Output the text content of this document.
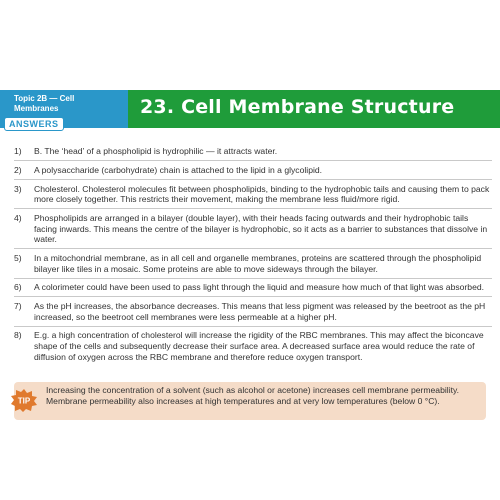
Topic 2B — Cell Membranes
ANSWERS
23. Cell Membrane Structure
1) B. The ‘head’ of a phospholipid is hydrophilic — it attracts water.
2) A polysaccharide (carbohydrate) chain is attached to the lipid in a glycolipid.
3) Cholesterol. Cholesterol molecules fit between phospholipids, binding to the hydrophobic tails and causing them to pack more closely together. This restricts their movement, making the membrane less fluid/more rigid.
4) Phospholipids are arranged in a bilayer (double layer), with their heads facing outwards and their hydrophobic tails facing inwards. This means the centre of the bilayer is hydrophobic, so it acts as a barrier to substances that dissolve in water.
5) In a mitochondrial membrane, as in all cell and organelle membranes, proteins are scattered through the phospholipid bilayer like tiles in a mosaic. Some proteins are able to move sideways through the bilayer.
6) A colorimeter could have been used to pass light through the liquid and measure how much of that light was absorbed.
7) As the pH increases, the absorbance decreases. This means that less pigment was released by the beetroot as the pH increased, so the beetroot cell membranes were less permeable at a higher pH.
8) E.g. a high concentration of cholesterol will increase the rigidity of the RBC membranes. This may affect the biconcave shape of the cells and subsequently decrease their surface area. A decreased surface area would reduce the rate of diffusion of oxygen across the RBC membrane and therefore reduce oxygen transport.
TIP
Increasing the concentration of a solvent (such as alcohol or acetone) increases cell membrane permeability. Membrane permeability also increases at high temperatures and at very low temperatures (below 0 °C).
